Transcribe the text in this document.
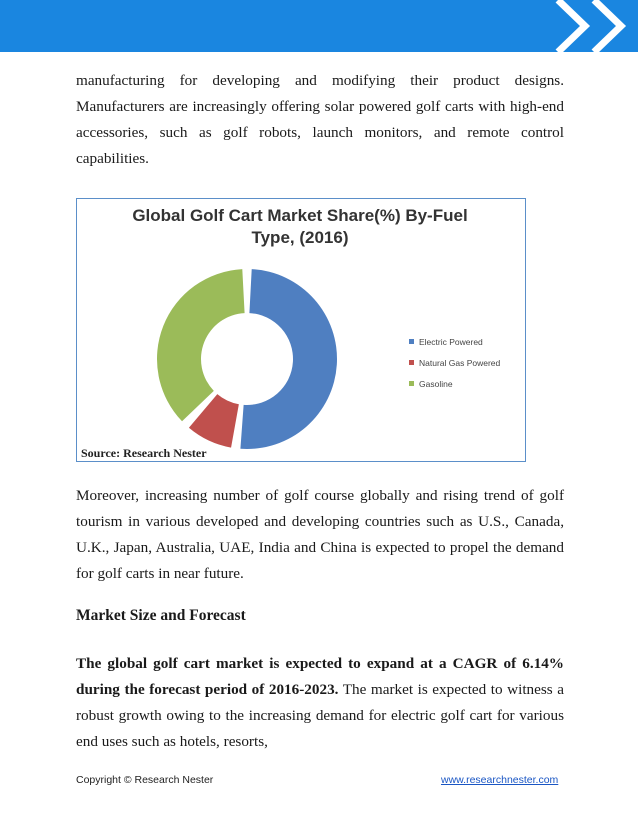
manufacturing for developing and modifying their product designs. Manufacturers are increasingly offering solar powered golf carts with high-end accessories, such as golf robots, launch monitors, and remote control capabilities.

Global Golf Cart Market Share(%) By-Fuel
Type, (2016)
Electric Powered
Natural Gas Powered
Gasoline
Source: Research Nester

Moreover, increasing number of golf course globally and rising trend of golf tourism in various developed and developing countries such as U.S., Canada, U.K., Japan, Australia, UAE, India and China is expected to propel the demand for golf carts in near future.

Market Size and Forecast

The global golf cart market is expected to expand at a CAGR of 6.14% during the forecast period of 2016-2023. The market is expected to witness a robust growth owing to the increasing demand for electric golf cart for various end uses such as hotels, resorts,

Copyright © Research Nester	www.researchnester.com
